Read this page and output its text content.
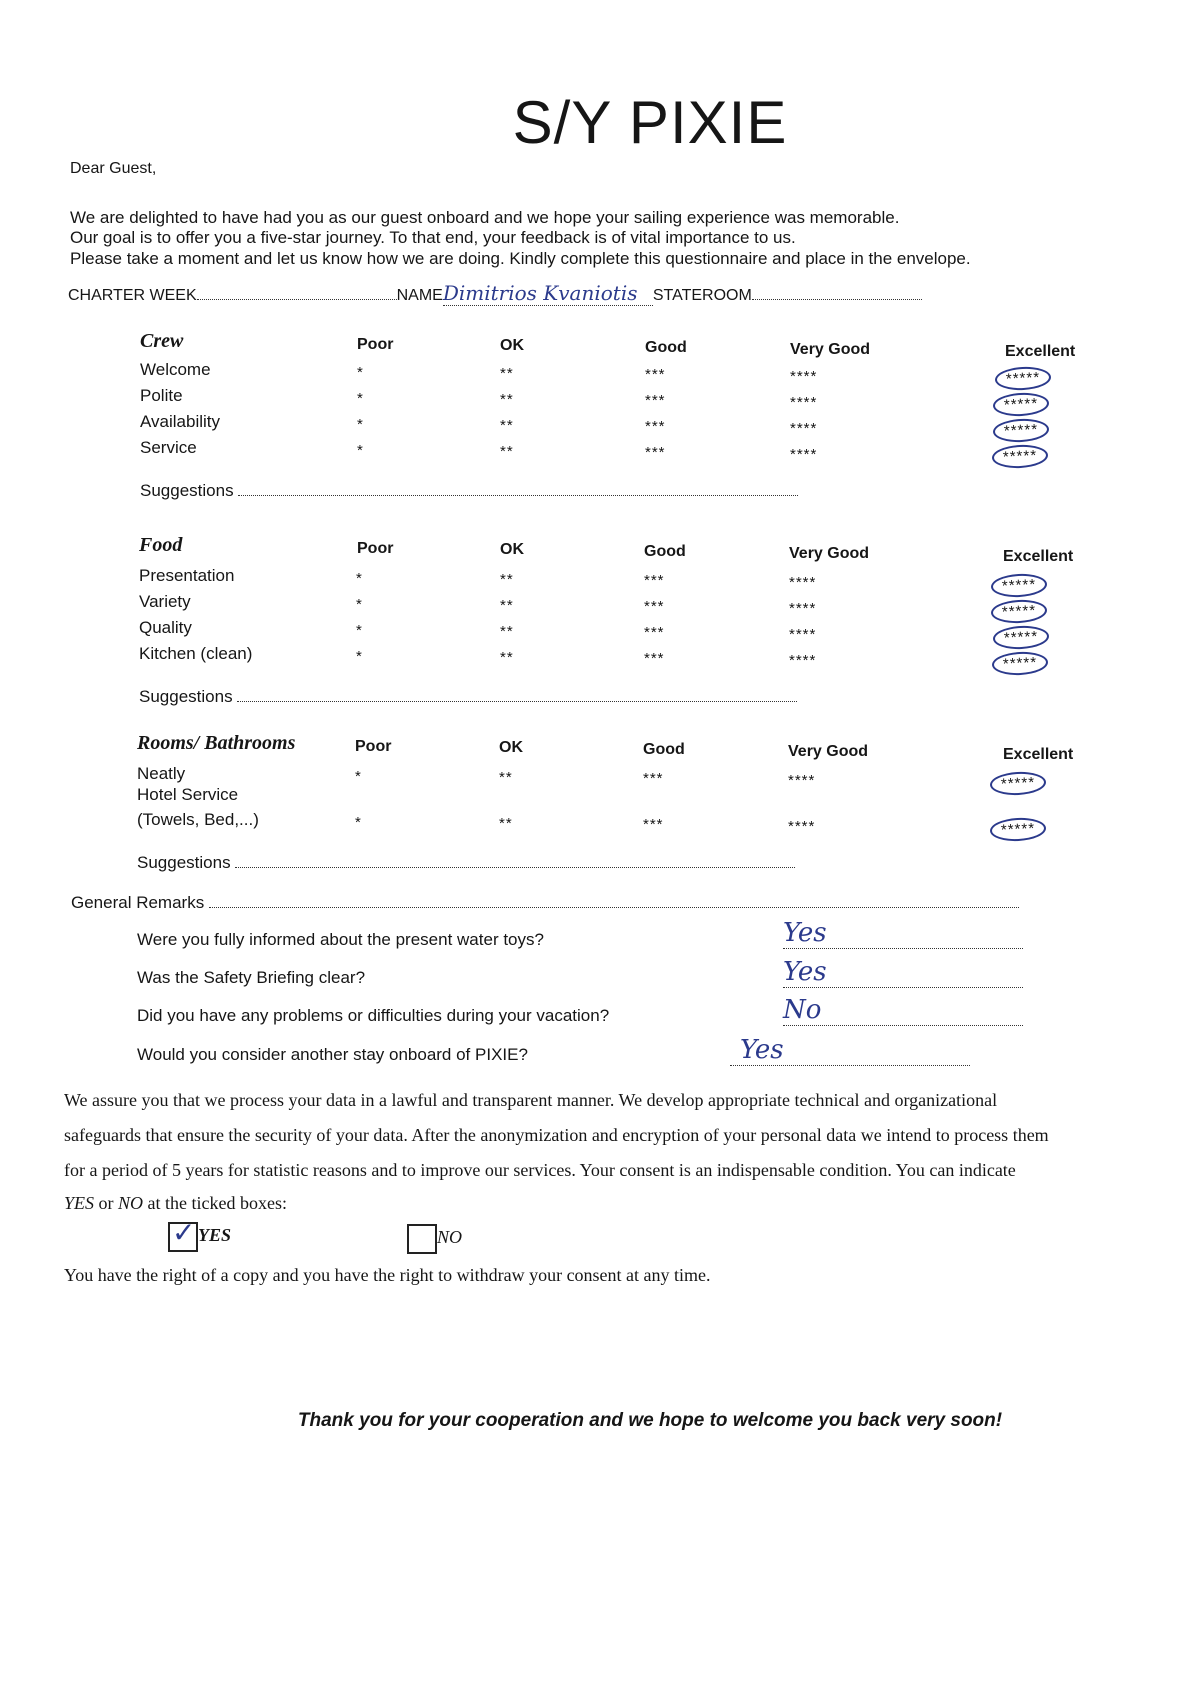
S/Y PIXIE
Dear Guest,
We are delighted to have had you as our guest onboard and we hope your sailing experience was memorable.
Our goal is to offer you a five-star journey. To that end, your feedback is of vital importance to us.
Please take a moment and let us know how we are doing. Kindly complete this questionnaire and place in the envelope.
CHARTER WEEK	NAMEDimitrios Kvaniotis STATEROOM
Crew	Poor	OK	Good	Very Good	Excellent
Welcome	*	**	***	****	*****
Polite	*	**	***	****	*****
Availability	*	**	***	****	*****
Service	*	**	***	****	*****
Suggestions
Food	Poor	OK	Good	Very Good	Excellent
Presentation	*	**	***	****	*****
Variety	*	**	***	****	*****
Quality	*	**	***	****	*****
Kitchen (clean)	*	**	***	****	*****
Suggestions
Rooms/ Bathrooms	Poor	OK	Good	Very Good	Excellent
Neatly	*	**	***	****	*****
Hotel Service
(Towels, Bed,...)	*	**	***	****	*****
Suggestions
General Remarks
Were you fully informed about the present water toys?	Yes
Was the Safety Briefing clear?	Yes
Did you have any problems or difficulties during your vacation?	No
Would you consider another stay onboard of PIXIE?	Yes
We assure you that we process your data in a lawful and transparent manner. We develop appropriate technical and organizational
safeguards that ensure the security of your data. After the anonymization and encryption of your personal data we intend to process them
for a period of 5 years for statistic reasons and to improve our services. Your consent is an indispensable condition. You can indicate
YES or NO at the ticked boxes:
✓ YES	NO
You have the right of a copy and you have the right to withdraw your consent at any time.
Thank you for your cooperation and we hope to welcome you back very soon!
